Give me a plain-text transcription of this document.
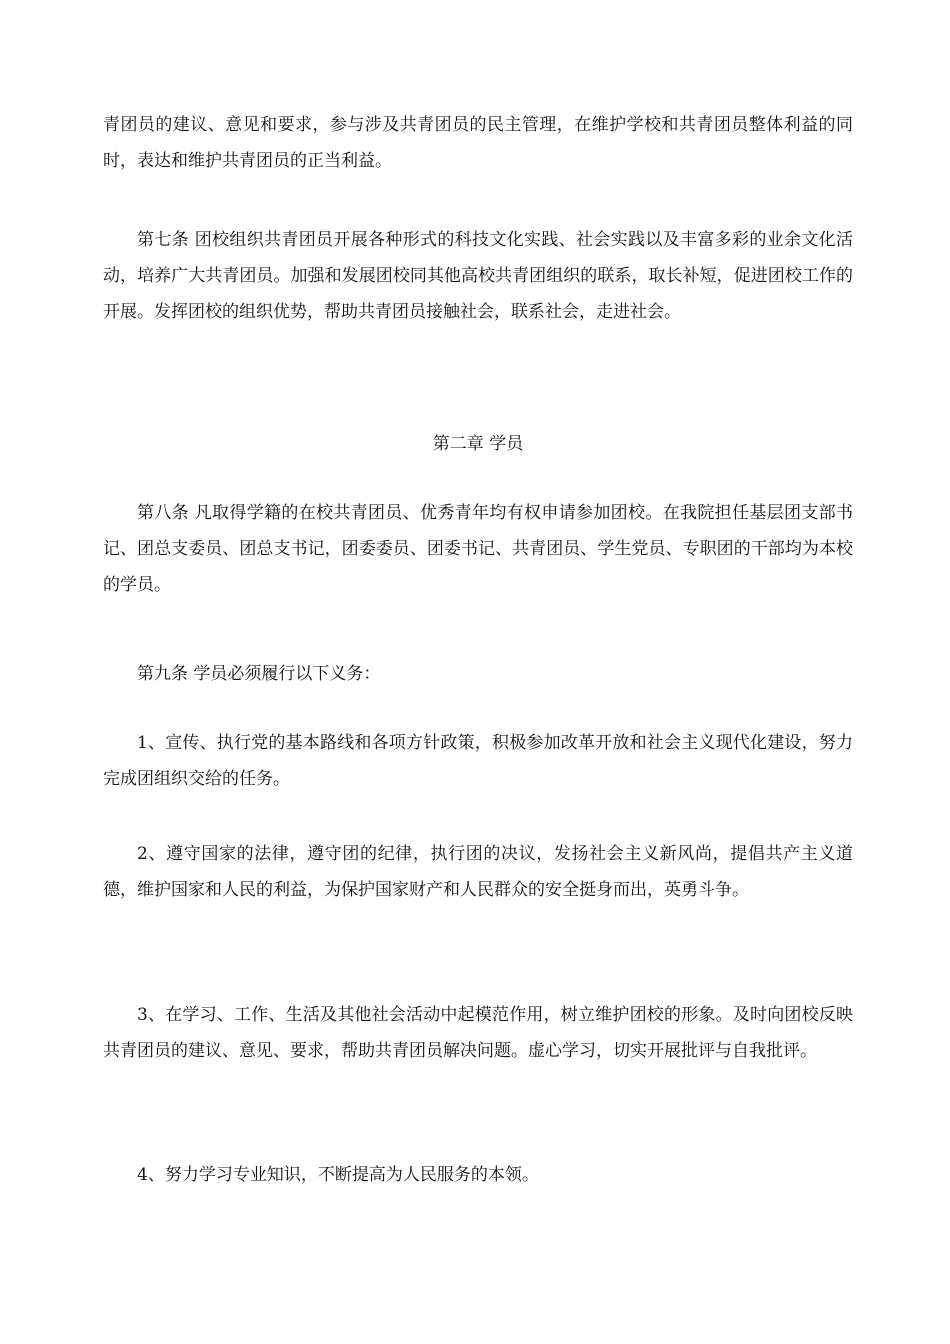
青团员的建议、意见和要求，参与涉及共青团员的民主管理，在维护学校和共青团员整体利益的同时，表达和维护共青团员的正当利益。

第七条 团校组织共青团员开展各种形式的科技文化实践、社会实践以及丰富多彩的业余文化活动，培养广大共青团员。加强和发展团校同其他高校共青团组织的联系，取长补短，促进团校工作的开展。发挥团校的组织优势，帮助共青团员接触社会，联系社会，走进社会。

第二章 学员

第八条 凡取得学籍的在校共青团员、优秀青年均有权申请参加团校。在我院担任基层团支部书记、团总支委员、团总支书记，团委委员、团委书记、共青团员、学生党员、专职团的干部均为本校的学员。

第九条 学员必须履行以下义务：

1、宣传、执行党的基本路线和各项方针政策，积极参加改革开放和社会主义现代化建设，努力完成团组织交给的任务。

2、遵守国家的法律，遵守团的纪律，执行团的决议，发扬社会主义新风尚，提倡共产主义道德，维护国家和人民的利益，为保护国家财产和人民群众的安全挺身而出，英勇斗争。

3、在学习、工作、生活及其他社会活动中起模范作用，树立维护团校的形象。及时向团校反映共青团员的建议、意见、要求，帮助共青团员解决问题。虚心学习，切实开展批评与自我批评。

4、努力学习专业知识，不断提高为人民服务的本领。
